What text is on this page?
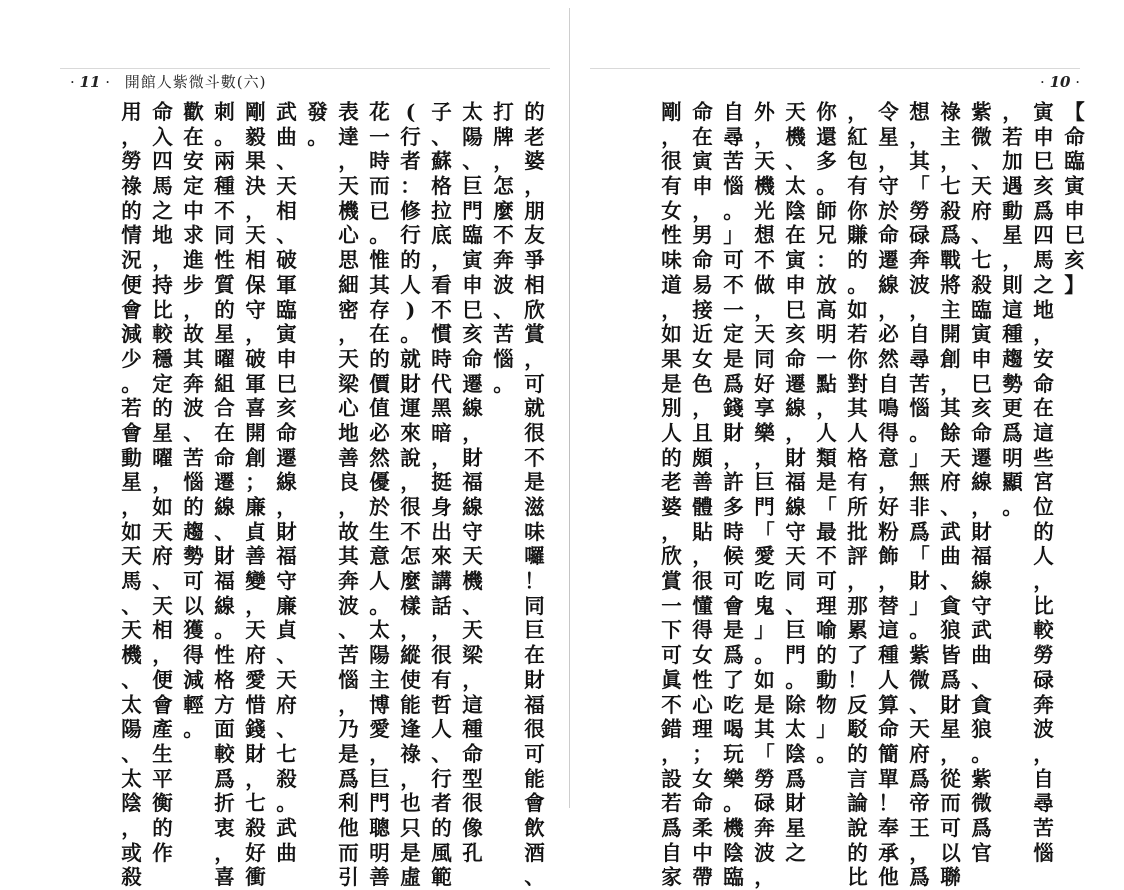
· 11 · 開館人紫微斗數(六)	· 10 ·
【
命
臨
寅
申
巳
亥
】
寅
申
巳
亥
爲
四
馬
之
地
，
安
命
在
這
些
宮
位
的
人
，
比
較
勞
碌
奔
波
，
自
尋
苦
惱
，
若
加
遇
動
星
，
則
這
種
趨
勢
更
爲
明
顯
。
紫
微
、
天
府
、
七
殺
臨
寅
申
巳
亥
命
遷
線
，
財
福
線
守
武
曲
、
貪
狼
。
紫
微
爲
官
祿
主
，
七
殺
爲
戰
將
主
開
創
，
其
餘
天
府
、
武
曲
、
貪
狼
皆
爲
財
星
，
從
而
可
以
聯
想
，
其
「
勞
碌
奔
波
，
自
尋
苦
惱
。
」
無
非
爲
「
財
」
。
紫
微
、
天
府
爲
帝
王
，
爲
令
星
，
守
於
命
遷
線
，
必
然
自
鳴
得
意
，
好
粉
飾
，
替
這
種
人
算
命
簡
單
！
奉
承
他
，
紅
包
有
你
賺
的
。
如
若
你
對
其
人
格
有
所
批
評
，
那
累
了
！
反
駁
的
言
論
說
的
比
你
還
多
。
師
兄
：
放
高
明
一
點
，
人
類
是
「
最
不
可
理
喻
的
動
物
」
。
天
機
、
太
陰
在
寅
申
巳
亥
命
遷
線
，
財
福
線
守
天
同
、
巨
門
。
除
太
陰
爲
財
星
之
外
，
天
機
光
想
不
做
，
天
同
好
享
樂
，
巨
門
「
愛
吃
鬼
」
。
如
是
其
「
勞
碌
奔
波
，
自
尋
苦
惱
。
」
可
不
一
定
是
爲
錢
財
，
許
多
時
候
可
會
是
爲
了
吃
喝
玩
樂
。
機
陰
臨
命
在
寅
申
，
男
命
易
接
近
女
色
，
且
頗
善
體
貼
，
很
懂
得
女
性
心
理
；
女
命
柔
中
帶
剛
，
很
有
女
性
味
道
，
如
果
是
別
人
的
老
婆
，
欣
賞
一
下
可
眞
不
錯
，
設
若
爲
自
家
的
老
婆
，
朋
友
爭
相
欣
賞
，
可
就
很
不
是
滋
味
囉
！
同
巨
在
財
福
很
可
能
會
飲
酒
、
打
牌
，
怎
麼
不
奔
波
、
苦
惱
。
太
陽
、
巨
門
臨
寅
申
巳
亥
命
遷
線
，
財
福
線
守
天
機
、
天
梁
，
這
種
命
型
很
像
孔
子
、
蘇
格
拉
底
，
看
不
慣
時
代
黑
暗
，
挺
身
出
來
講
話
，
很
有
哲
人
、
行
者
的
風
範
(
行
者
：
修
行
的
人
)
。
就
財
運
來
說
，
很
不
怎
麼
樣
，
縱
使
能
逢
祿
，
也
只
是
虛
花
一
時
而
已
。
惟
其
存
在
的
價
值
必
然
優
於
生
意
人
。
太
陽
主
博
愛
，
巨
門
聰
明
善
表
達
，
天
機
心
思
細
密
，
天
梁
心
地
善
良
，
故
其
奔
波
、
苦
惱
，
乃
是
爲
利
他
而
引
發
。
武
曲
、
天
相
、
破
軍
臨
寅
申
巳
亥
命
遷
線
，
財
福
守
廉
貞
、
天
府
、
七
殺
。
武
曲
剛
毅
果
決
，
天
相
保
守
，
破
軍
喜
開
創
；
廉
貞
善
變
，
天
府
愛
惜
錢
財
，
七
殺
好
衝
刺
。
兩
種
不
同
性
質
的
星
曜
組
合
在
命
遷
線
、
財
福
線
。
性
格
方
面
較
爲
折
衷
，
喜
歡
在
安
定
中
求
進
步
，
故
其
奔
波
、
苦
惱
的
趨
勢
可
以
獲
得
減
輕
。
命
入
四
馬
之
地
，
持
比
較
穩
定
的
星
曜
，
如
天
府
、
天
相
，
便
會
產
生
平
衡
的
作
用
，
勞
祿
的
情
況
便
會
減
少
。
若
會
動
星
，
如
天
馬
、
天
機
、
太
陽
、
太
陰
，
或
殺
